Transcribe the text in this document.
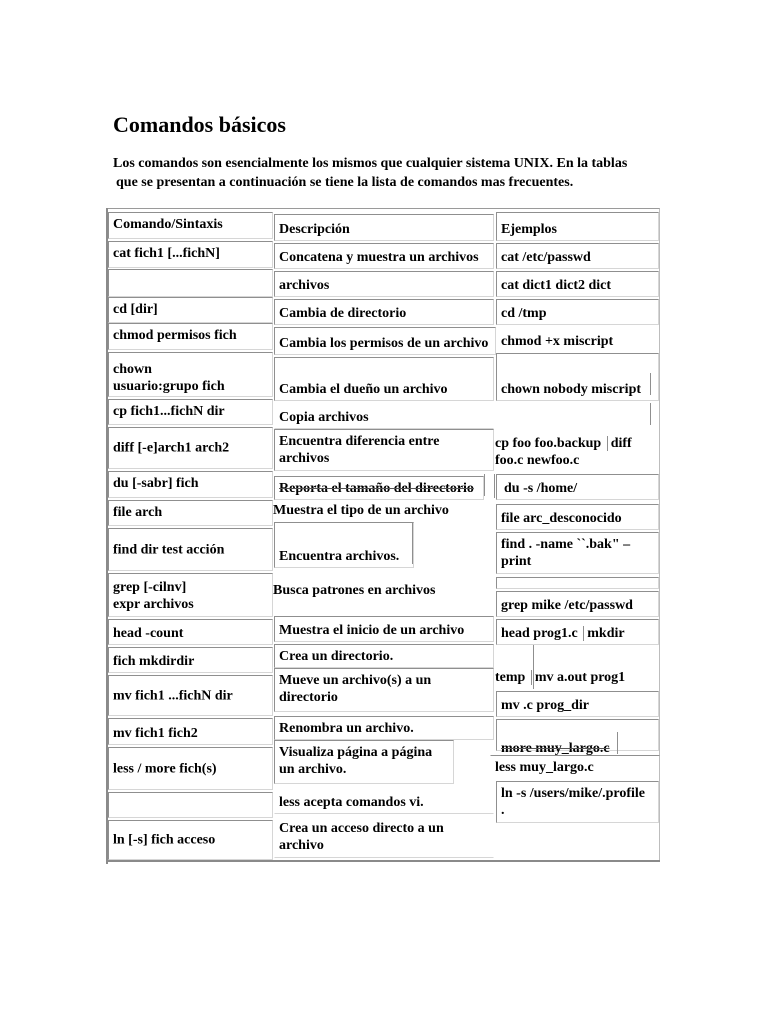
Comandos básicos

Los comandos son esencialmente los mismos que cualquier sistema UNIX. En la tablas
que se presentan a continuación se tiene la lista de comandos mas frecuentes.

Comando/Sintaxis
cat fich1 [...fichN]
cd [dir]
chmod permisos fich
chown
usuario:grupo fich
cp fich1...fichN dir
diff [-e]arch1 arch2
du [-sabr] fich
file arch
find dir test acción
grep [-cilnv]
expr archivos
head -count
fich mkdirdir
mv fich1 ...fichN dir
mv fich1 fich2
less / more fich(s)
ln [-s] fich acceso
Descripción
Concatena y muestra un archivos
archivos
Cambia de directorio
Cambia los permisos de un archivo
Cambia el dueño un archivo
Copia archivos
Encuentra diferencia entre
archivos
Reporta el tamaño del directorio
Muestra el tipo de un archivo
Encuentra archivos.
Busca patrones en archivos
Muestra el inicio de un archivo
Crea un directorio.
Mueve un archivo(s) a un
directorio
Renombra un archivo.
Visualiza página a página
un archivo.
less acepta comandos vi.
Crea un acceso directo a un
archivo
Ejemplos
cat /etc/passwd
cat dict1 dict2 dict
cd /tmp
chmod +x miscript
chown nobody miscript
cp foo foo.backup diff
foo.c newfoo.c
du -s /home/
file arc_desconocido
find . -name ``.bak" –
print
grep mike /etc/passwd
head prog1.c mkdir
temp mv a.out prog1
mv .c prog_dir
more muy_largo.c
less muy_largo.c
ln -s /users/mike/.profile
.
